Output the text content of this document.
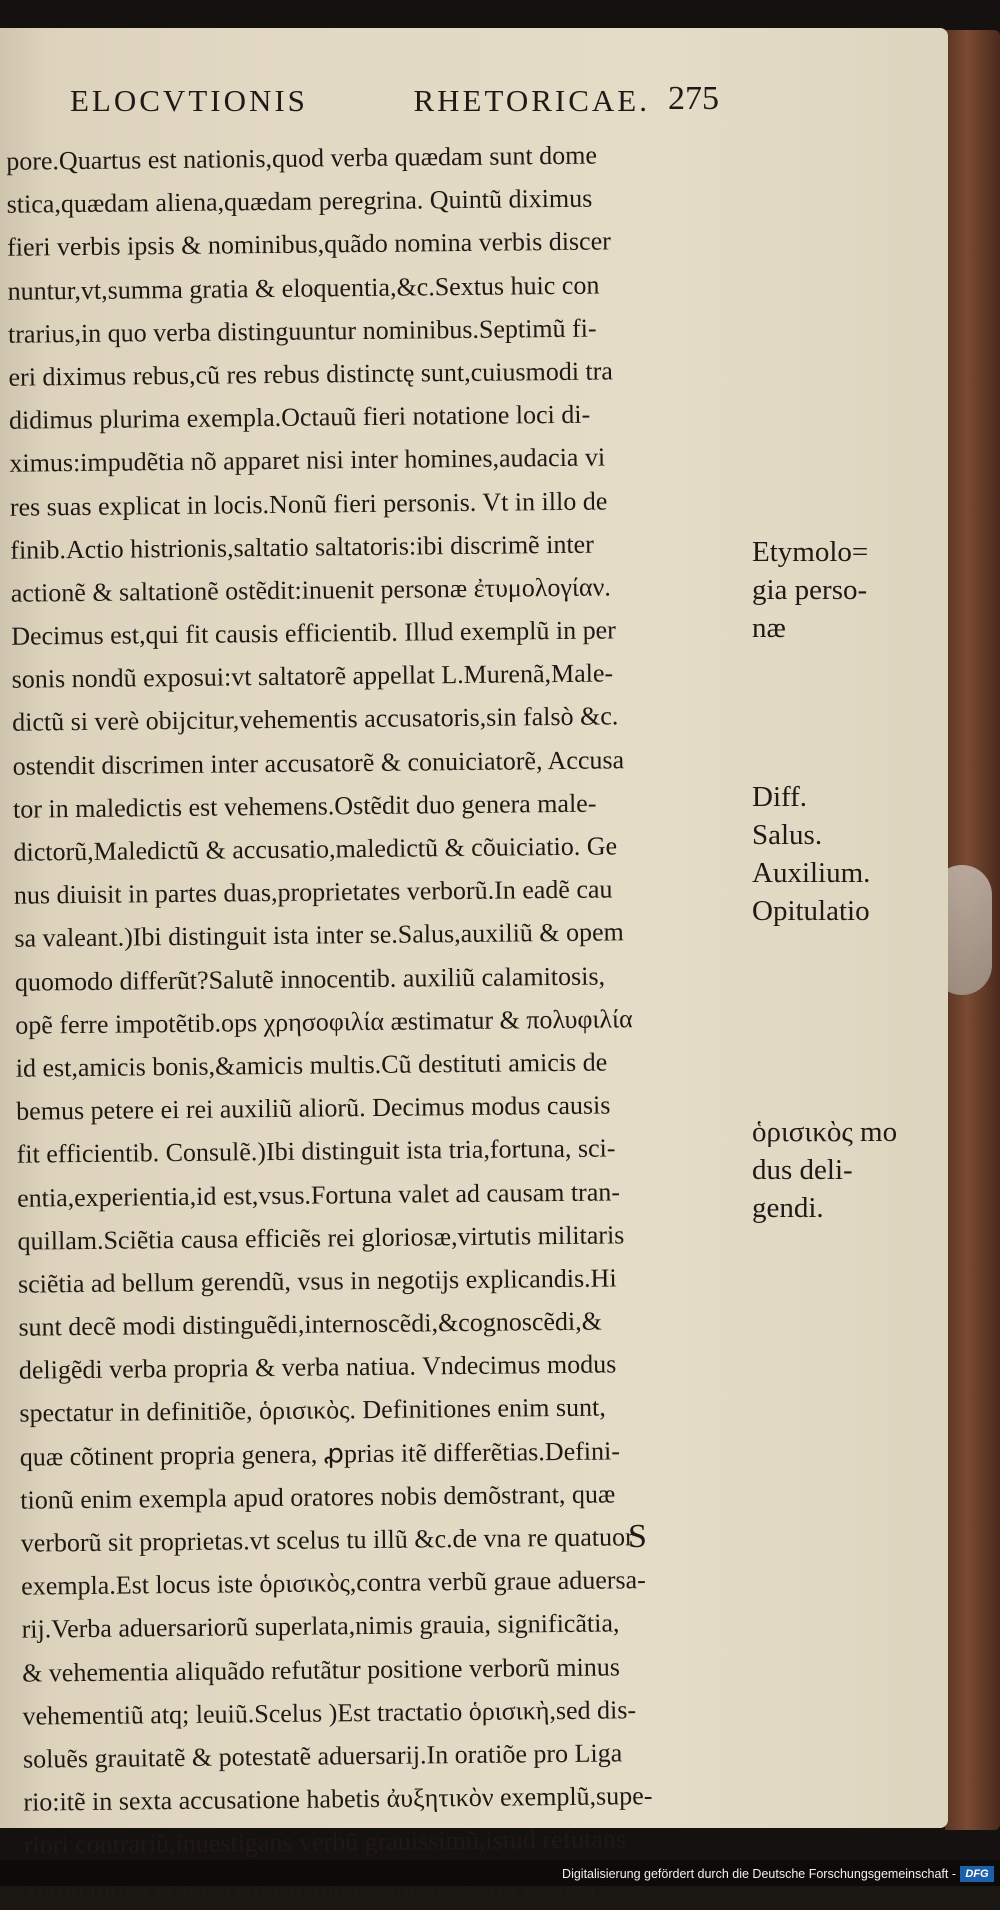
ELOCVTIONIS	RHETORICAE. 275
pore.Quartus est nationis,quod verba quædam sunt dome
stica,quædam aliena,quædam peregrina. Quintũ diximus
fieri verbis ipsis & nominibus,quãdo nomina verbis discer
nuntur,vt,summa gratia & eloquentia,&c.Sextus huic con
trarius,in quo verba distinguuntur nominibus.Septimũ fi-
eri diximus rebus,cũ res rebus distinctę sunt,cuiusmodi tra
didimus plurima exempla.Octauũ fieri notatione loci di-
ximus:impudẽtia nõ apparet nisi inter homines,audacia vi
res suas explicat in locis.Nonũ fieri personis. Vt in illo de
finib.Actio histrionis,saltatio saltatoris:ibi discrimẽ inter
actionẽ & saltationẽ ostẽdit:inuenit personæ ἐτυμολογίαν.
Decimus est,qui fit causis efficientib. Illud exemplũ in per
sonis nondũ exposui:vt saltatorẽ appellat L.Murenã,Male-
dictũ si verè obijcitur,vehementis accusatoris,sin falsò &c.
ostendit discrimen inter accusatorẽ & conuiciatorẽ, Accusa
tor in maledictis est vehemens.Ostẽdit duo genera male-
dictorũ,Maledictũ & accusatio,maledictũ & cõuiciatio. Ge
nus diuisit in partes duas,proprietates verborũ.In eadẽ cau
sa valeant.)Ibi distinguit ista inter se.Salus,auxiliũ & opem
quomodo differũt?Salutẽ innocentib. auxiliũ calamitosis,
opẽ ferre impotẽtib.ops χρησοφιλία æstimatur & πολυφιλία
id est,amicis bonis,&amicis multis.Cũ destituti amicis de
bemus petere ei rei auxiliũ aliorũ. Decimus modus causis
fit efficientib. Consulẽ.)Ibi distinguit ista tria,fortuna, sci-
entia,experientia,id est,vsus.Fortuna valet ad causam tran-
quillam.Sciẽtia causa efficiẽs rei gloriosæ,virtutis militaris
sciẽtia ad bellum gerendũ, vsus in negotijs explicandis.Hi
sunt decẽ modi distinguẽdi,internoscẽdi,&cognoscẽdi,&
deligẽdi verba propria & verba natiua. Vndecimus modus
spectatur in definitiõe, ὁρισικὸς. Definitiones enim sunt,
quæ cõtinent propria genera, ꝓprias itẽ differẽtias.Defini-
tionũ enim exempla apud oratores nobis demõstrant, quæ
verborũ sit proprietas.vt scelus tu illũ &c.de vna re quatuor
exempla.Est locus iste ὁρισικὸς,contra verbũ graue aduersa-
rij.Verba aduersariorũ superlata,nimis grauia, significãtia,
& vehementia aliquãdo refutãtur positione verborũ minus
vehementiũ atq; leuiũ.Scelus )Est tractatio ὁρισικὴ,sed dis-
soluẽs grauitatẽ & potestatẽ aduersarij.In oratiõe pro Liga
rio:itẽ in sexta accusatione habetis ἀυξητικὸν exemplũ,supe-
riori contrariũ,inuestigans verbũ grauissimũ,istud refutans
Etymolo=
gia perso-
næ
Diff.
Salus.
Auxilium.
Opitulatio
ὁρισικὸς mo
dus deli-
gendi.
S
Digitalisierung gefördert durch die Deutsche Forschungsgemeinschaft - DFG
